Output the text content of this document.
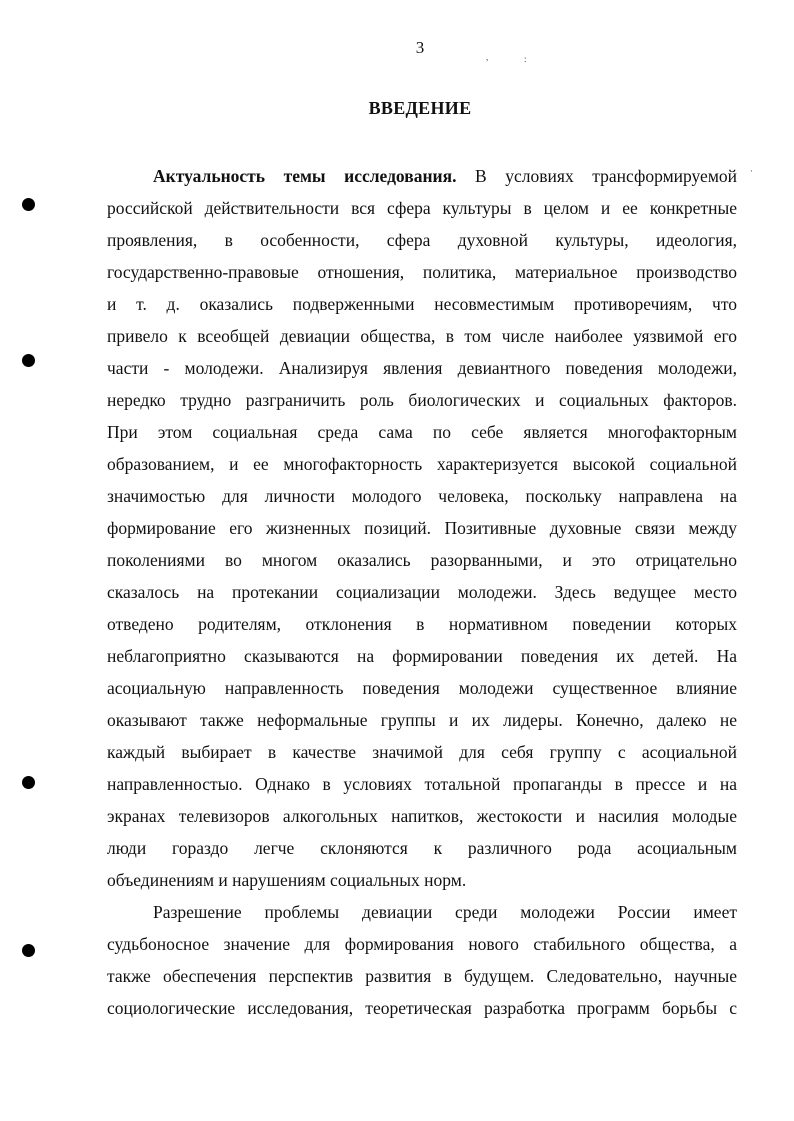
3
ВВЕДЕНИЕ
,	:
·
Актуальность темы исследования. В условиях трансформируемой
российской действительности вся сфера культуры в целом и ее конкретные
проявления, в особенности, сфера духовной культуры, идеология,
государственно-правовые отношения, политика, материальное производство
и т. д. оказались подверженными несовместимым противоречиям, что
привело к всеобщей девиации общества, в том числе наиболее уязвимой его
части - молодежи. Анализируя явления девиантного поведения молодежи,
нередко трудно разграничить роль биологических и социальных факторов.
При этом социальная среда сама по себе является многофакторным
образованием, и ее многофакторность характеризуется высокой социальной
значимостью для личности молодого человека, поскольку направлена на
формирование его жизненных позиций. Позитивные духовные связи между
поколениями во многом оказались разорванными, и это отрицательно
сказалось на протекании социализации молодежи. Здесь ведущее место
отведено родителям, отклонения в нормативном поведении которых
неблагоприятно сказываются на формировании поведения их детей. На
асоциальную направленность поведения молодежи существенное влияние
оказывают также неформальные группы и их лидеры. Конечно, далеко не
каждый выбирает в качестве значимой для себя группу с асоциальной
направленностыо. Однако в условиях тотальной пропаганды в прессе и на
экранах телевизоров алкогольных напитков, жестокости и насилия молодые
люди гораздо легче склоняются к различного рода асоциальным
объединениям и нарушениям социальных норм.
Разрешение проблемы девиации среди молодежи России имеет
судьбоносное значение для формирования нового стабильного общества, а
также обеспечения перспектив развития в будущем. Следовательно, научные
социологические исследования, теоретическая разработка программ борьбы с
